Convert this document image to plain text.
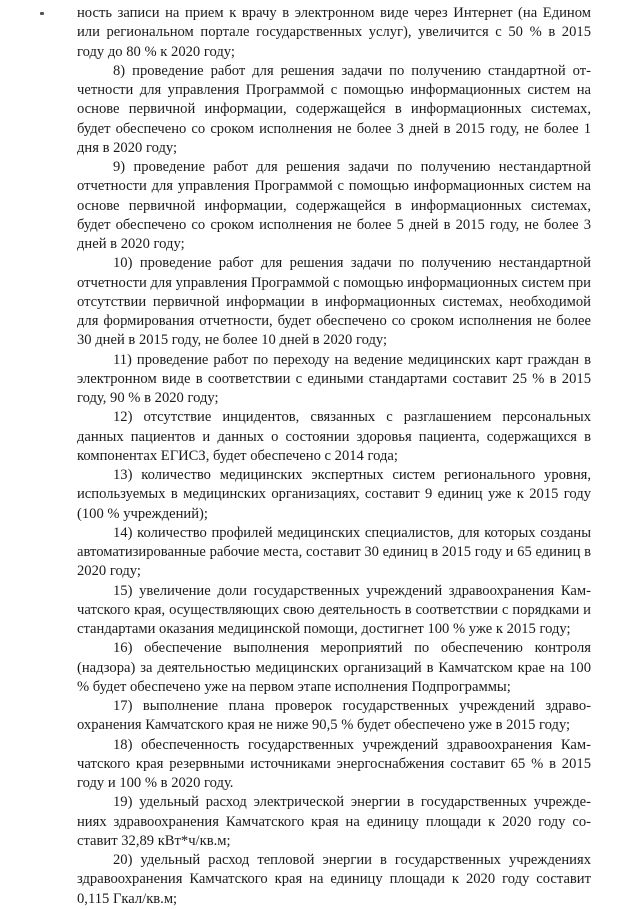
ность записи на прием к врачу в электронном виде через Интернет (на Едином или региональном портале государственных услуг), увеличится с 50 % в 2015 году до 80 % к 2020 году;

8) проведение работ для решения задачи по получению стандартной отчетности для управления Программой с помощью информационных систем на основе первичной информации, содержащейся в информационных системах, будет обеспечено со сроком исполнения не более 3 дней в 2015 году, не более 1 дня в 2020 году;

9) проведение работ для решения задачи по получению нестандартной отчетности для управления Программой с помощью информационных систем на основе первичной информации, содержащейся в информационных системах, будет обеспечено со сроком исполнения не более 5 дней в 2015 году, не более 3 дней в 2020 году;

10) проведение работ для решения задачи по получению нестандартной отчетности для управления Программой с помощью информационных систем при отсутствии первичной информации в информационных системах, необходимой для формирования отчетности, будет обеспечено со сроком исполнения не более 30 дней в 2015 году, не более 10 дней в 2020 году;

11) проведение работ по переходу на ведение медицинских карт граждан в электронном виде в соответствии с едиными стандартами составит 25 % в 2015 году, 90 % в 2020 году;

12) отсутствие инцидентов, связанных с разглашением персональных данных пациентов и данных о состоянии здоровья пациента, содержащихся в компонентах ЕГИСЗ, будет обеспечено с 2014 года;

13) количество медицинских экспертных систем регионального уровня, используемых в медицинских организациях, составит 9 единиц уже к 2015 году (100 % учреждений);

14) количество профилей медицинских специалистов, для которых созданы автоматизированные рабочие места, составит 30 единиц в 2015 году и 65 единиц в 2020 году;

15) увеличение доли государственных учреждений здравоохранения Камчатского края, осуществляющих свою деятельность в соответствии с порядками и стандартами оказания медицинской помощи, достигнет 100 % уже к 2015 году;

16) обеспечение выполнения мероприятий по обеспечению контроля (надзора) за деятельностью медицинских организаций в Камчатском крае на 100 % будет обеспечено уже на первом этапе исполнения Подпрограммы;

17) выполнение плана проверок государственных учреждений здравоохранения Камчатского края не ниже 90,5 % будет обеспечено уже в 2015 году;

18) обеспеченность государственных учреждений здравоохранения Камчатского края резервными источниками энергоснабжения составит 65 % в 2015 году и 100 % в 2020 году.

19) удельный расход электрической энергии в государственных учреждениях здравоохранения Камчатского края на единицу площади к 2020 году составит 32,89 кВт*ч/кв.м;

20) удельный расход тепловой энергии в государственных учреждениях здравоохранения Камчатского края на единицу площади к 2020 году составит 0,115 Гкал/кв.м;
